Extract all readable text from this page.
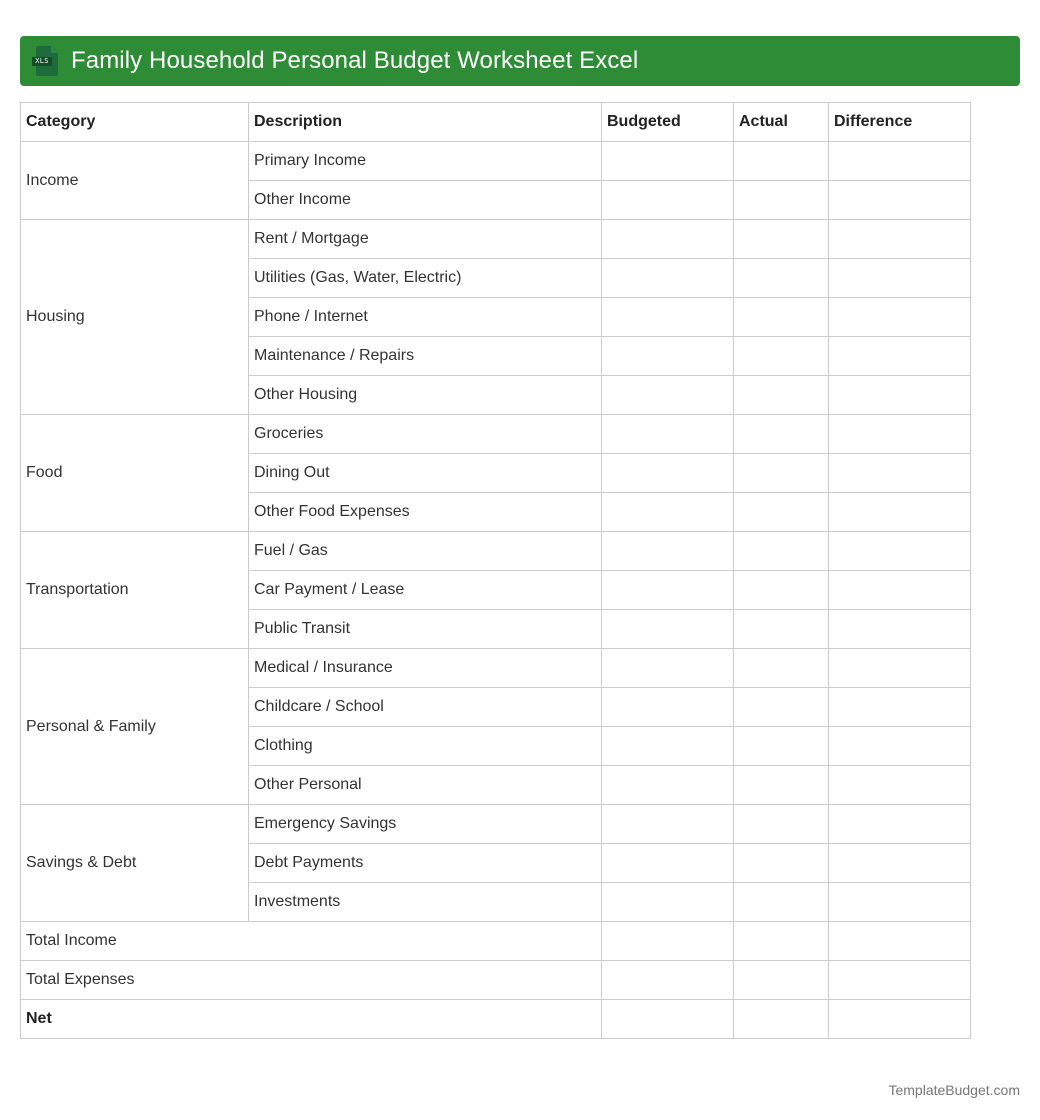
XLS Family Household Personal Budget Worksheet Excel
Category	Description	Budgeted	Actual	Difference
Income	Primary Income			
	Other Income			
Housing	Rent / Mortgage			
	Utilities (Gas, Water, Electric)			
	Phone / Internet			
	Maintenance / Repairs			
	Other Housing			
Food	Groceries			
	Dining Out			
	Other Food Expenses			
Transportation	Fuel / Gas			
	Car Payment / Lease			
	Public Transit			
Personal & Family	Medical / Insurance			
	Childcare / School			
	Clothing			
	Other Personal			
Savings & Debt	Emergency Savings			
	Debt Payments			
	Investments			
Total Income				
Total Expenses				
Net				
TemplateBudget.com
